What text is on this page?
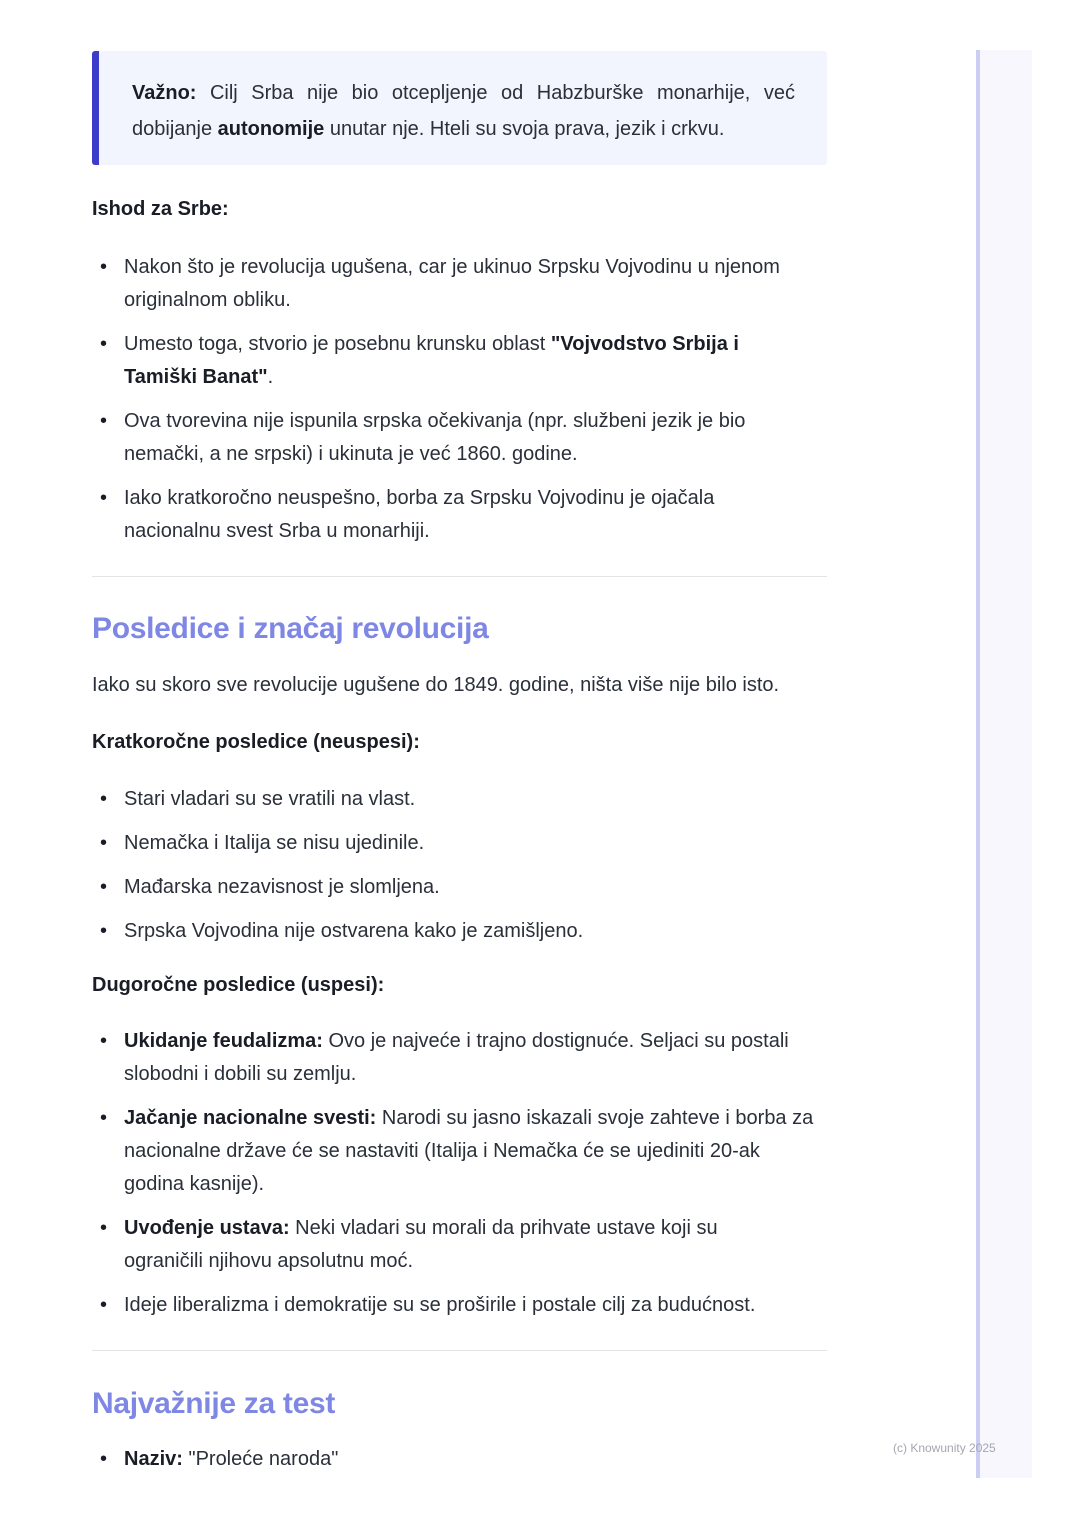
Važno: Cilj Srba nije bio otcepljenje od Habzburške monarhije, već dobijanje autonomije unutar nje. Hteli su svoja prava, jezik i crkvu.
Ishod za Srbe:
• Nakon što je revolucija ugušena, car je ukinuo Srpsku Vojvodinu u njenom originalnom obliku.
• Umesto toga, stvorio je posebnu krunsku oblast "Vojvodstvo Srbija i Tamiški Banat".
• Ova tvorevina nije ispunila srpska očekivanja (npr. službeni jezik je bio nemački, a ne srpski) i ukinuta je već 1860. godine.
• Iako kratkoročno neuspešno, borba za Srpsku Vojvodinu je ojačala nacionalnu svest Srba u monarhiji.
Posledice i značaj revolucija
Iako su skoro sve revolucije ugušene do 1849. godine, ništa više nije bilo isto.
Kratkoročne posledice (neuspesi):
• Stari vladari su se vratili na vlast.
• Nemačka i Italija se nisu ujedinile.
• Mađarska nezavisnost je slomljena.
• Srpska Vojvodina nije ostvarena kako je zamišljeno.
Dugoročne posledice (uspesi):
• Ukidanje feudalizma: Ovo je najveće i trajno dostignuće. Seljaci su postali slobodni i dobili su zemlju.
• Jačanje nacionalne svesti: Narodi su jasno iskazali svoje zahteve i borba za nacionalne države će se nastaviti (Italija i Nemačka će se ujediniti 20-ak godina kasnije).
• Uvođenje ustava: Neki vladari su morali da prihvate ustave koji su ograničili njihovu apsolutnu moć.
• Ideje liberalizma i demokratije su se proširile i postale cilj za budućnost.
Najvažnije za test
• Naziv: "Proleće naroda"	(c) Knowunity 2025
